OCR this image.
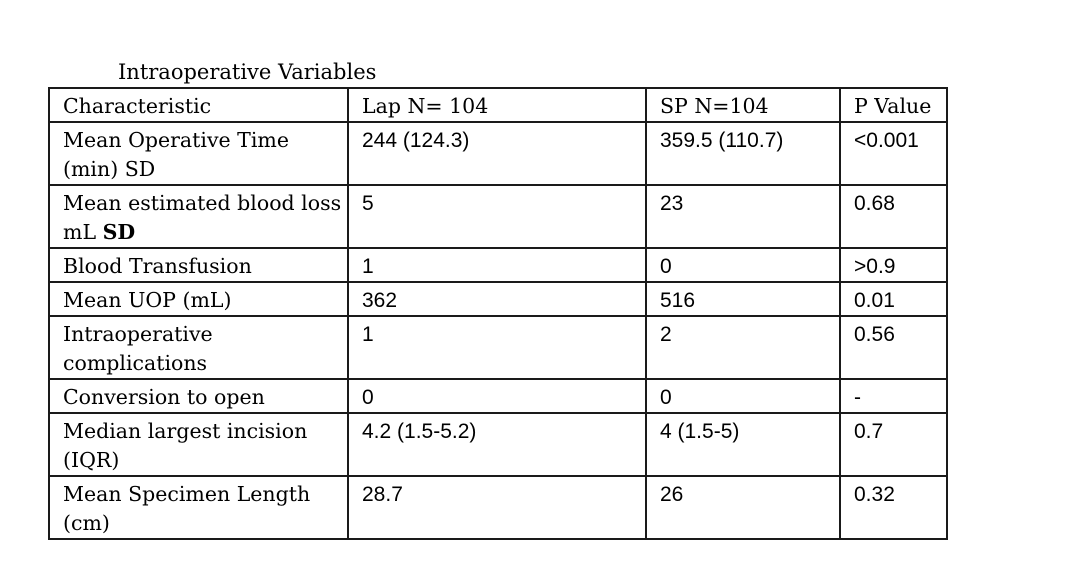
Intraoperative Variables
Characteristic	Lap N= 104	SP N=104	P Value
Mean Operative Time (min) SD	244 (124.3)	359.5 (110.7)	<0.001
Mean estimated blood loss mL SD	5	23	0.68
Blood Transfusion	1	0	>0.9
Mean UOP (mL)	362	516	0.01
Intraoperative complications	1	2	0.56
Conversion to open	0	0	-
Median largest incision (IQR)	4.2 (1.5-5.2)	4 (1.5-5)	0.7
Mean Specimen Length (cm)	28.7	26	0.32
